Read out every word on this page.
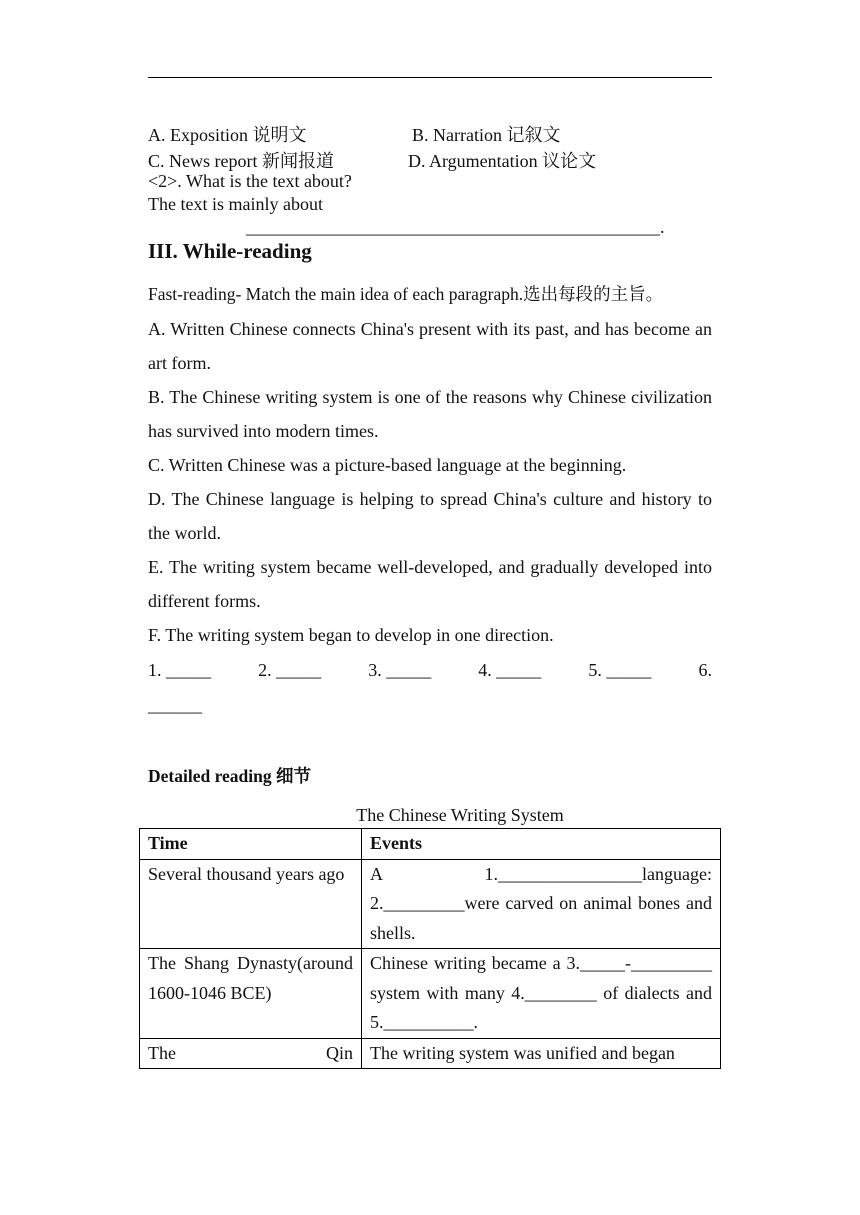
A. Exposition 说明文	B. Narration 记叙文
C. News report 新闻报道	D. Argumentation 议论文
<2>. What is the text about?
The text is mainly about
______________________________________________.
III. While-reading
Fast-reading- Match the main idea of each paragraph.选出每段的主旨。
A. Written Chinese connects China's present with its past, and has become an art form.
B. The Chinese writing system is one of the reasons why Chinese civilization has survived into modern times.
C. Written Chinese was a picture-based language at the beginning.
D. The Chinese language is helping to spread China's culture and history to the world.
E. The writing system became well-developed, and gradually developed into different forms.
F. The writing system began to develop in one direction.
1. _____	2. _____	3. _____	4. _____	5. _____	6.
______
Detailed reading 细节
The Chinese Writing System
Time	Events
Several thousand years ago	A 1.________________language: 2._________were carved on animal bones and shells.
The Shang Dynasty(around 1600-1046 BCE)	Chinese writing became a 3._____-_________ system with many 4.________ of dialects and 5.__________.
The Qin	The writing system was unified and began
